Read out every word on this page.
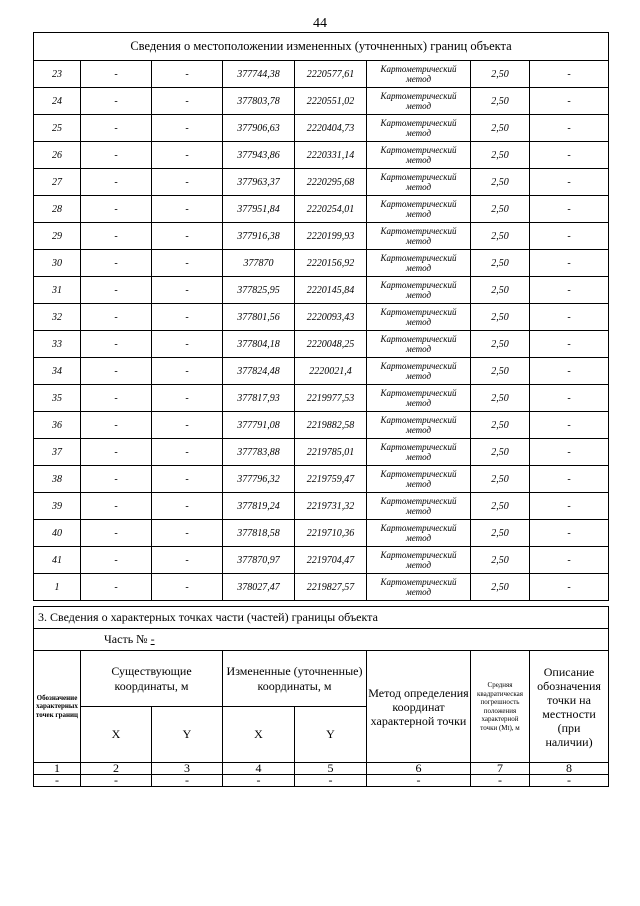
44
Сведения о местоположении измененных (уточненных) границ объекта							
23	-	-	377744,38	2220577,61	Картометрический метод	2,50	-
24	-	-	377803,78	2220551,02	Картометрический метод	2,50	-
25	-	-	377906,63	2220404,73	Картометрический метод	2,50	-
26	-	-	377943,86	2220331,14	Картометрический метод	2,50	-
27	-	-	377963,37	2220295,68	Картометрический метод	2,50	-
28	-	-	377951,84	2220254,01	Картометрический метод	2,50	-
29	-	-	377916,38	2220199,93	Картометрический метод	2,50	-
30	-	-	377870	2220156,92	Картометрический метод	2,50	-
31	-	-	377825,95	2220145,84	Картометрический метод	2,50	-
32	-	-	377801,56	2220093,43	Картометрический метод	2,50	-
33	-	-	377804,18	2220048,25	Картометрический метод	2,50	-
34	-	-	377824,48	2220021,4	Картометрический метод	2,50	-
35	-	-	377817,93	2219977,53	Картометрический метод	2,50	-
36	-	-	377791,08	2219882,58	Картометрический метод	2,50	-
37	-	-	377783,88	2219785,01	Картометрический метод	2,50	-
38	-	-	377796,32	2219759,47	Картометрический метод	2,50	-
39	-	-	377819,24	2219731,32	Картометрический метод	2,50	-
40	-	-	377818,58	2219710,36	Картометрический метод	2,50	-
41	-	-	377870,97	2219704,47	Картометрический метод	2,50	-
1	-	-	378027,47	2219827,57	Картометрический метод	2,50	-
3. Сведения о характерных точках части (частей) границы объекта							
Часть № -							
Обозначение характерных точек границ	Существующие координаты, м		Измененные (уточненные) координаты, м		Метод определения координат характерной точки	Средняя квадратическая погрешность положения характерной точки (Мt), м	Описание обозначения точки на местности (при наличии)
	X	Y	X	Y			
1	2	3	4	5	6	7	8
-	-	-	-	-	-	-	-
